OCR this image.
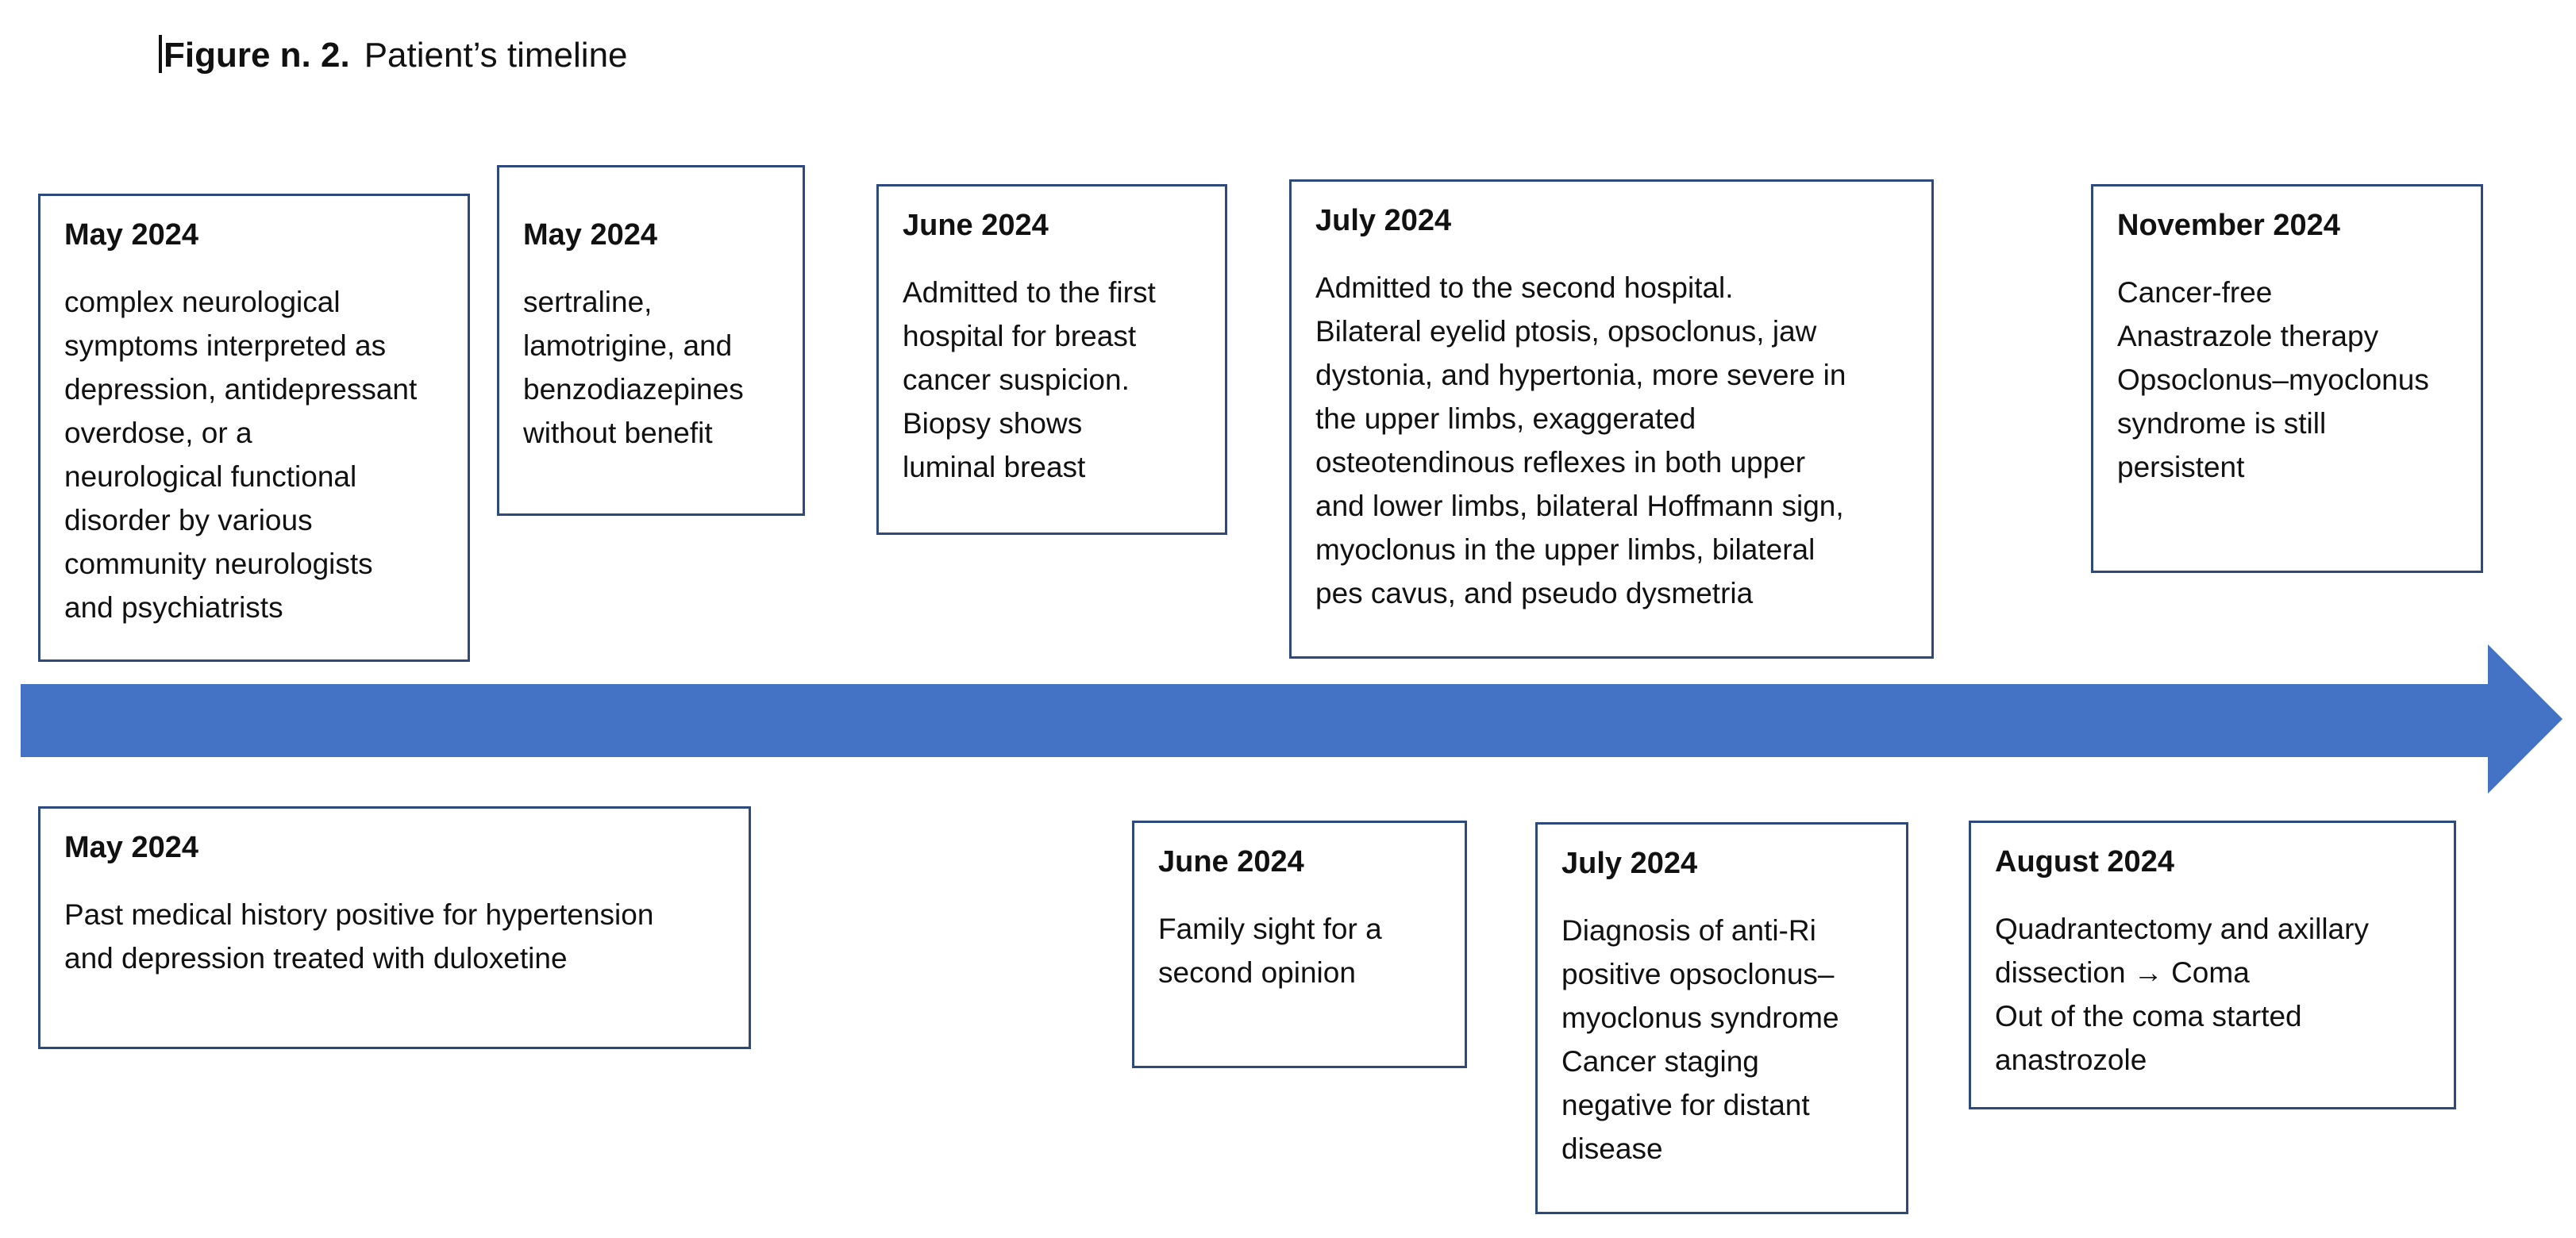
Figure n. 2. Patient’s timeline
May 2024
complex neurological
symptoms interpreted as
depression, antidepressant
overdose, or a
neurological functional
disorder by various
community neurologists
and psychiatrists
May 2024
sertraline,
lamotrigine, and
benzodiazepines
without benefit
June 2024
Admitted to the first
hospital for breast
cancer suspicion.
Biopsy shows
luminal breast
July 2024
Admitted to the second hospital.
Bilateral eyelid ptosis, opsoclonus, jaw
dystonia, and hypertonia, more severe in
the upper limbs, exaggerated
osteotendinous reflexes in both upper
and lower limbs, bilateral Hoffmann sign,
myoclonus in the upper limbs, bilateral
pes cavus, and pseudo dysmetria
November 2024
Cancer-free
Anastrazole therapy
Opsoclonus–myoclonus
syndrome is still
persistent
May 2024
Past medical history positive for hypertension
and depression treated with duloxetine
June 2024
Family sight for a
second opinion
July 2024
Diagnosis of anti-Ri
positive opsoclonus–
myoclonus syndrome
Cancer staging
negative for distant
disease
August 2024
Quadrantectomy and axillary
dissection → Coma
Out of the coma started
anastrozole
